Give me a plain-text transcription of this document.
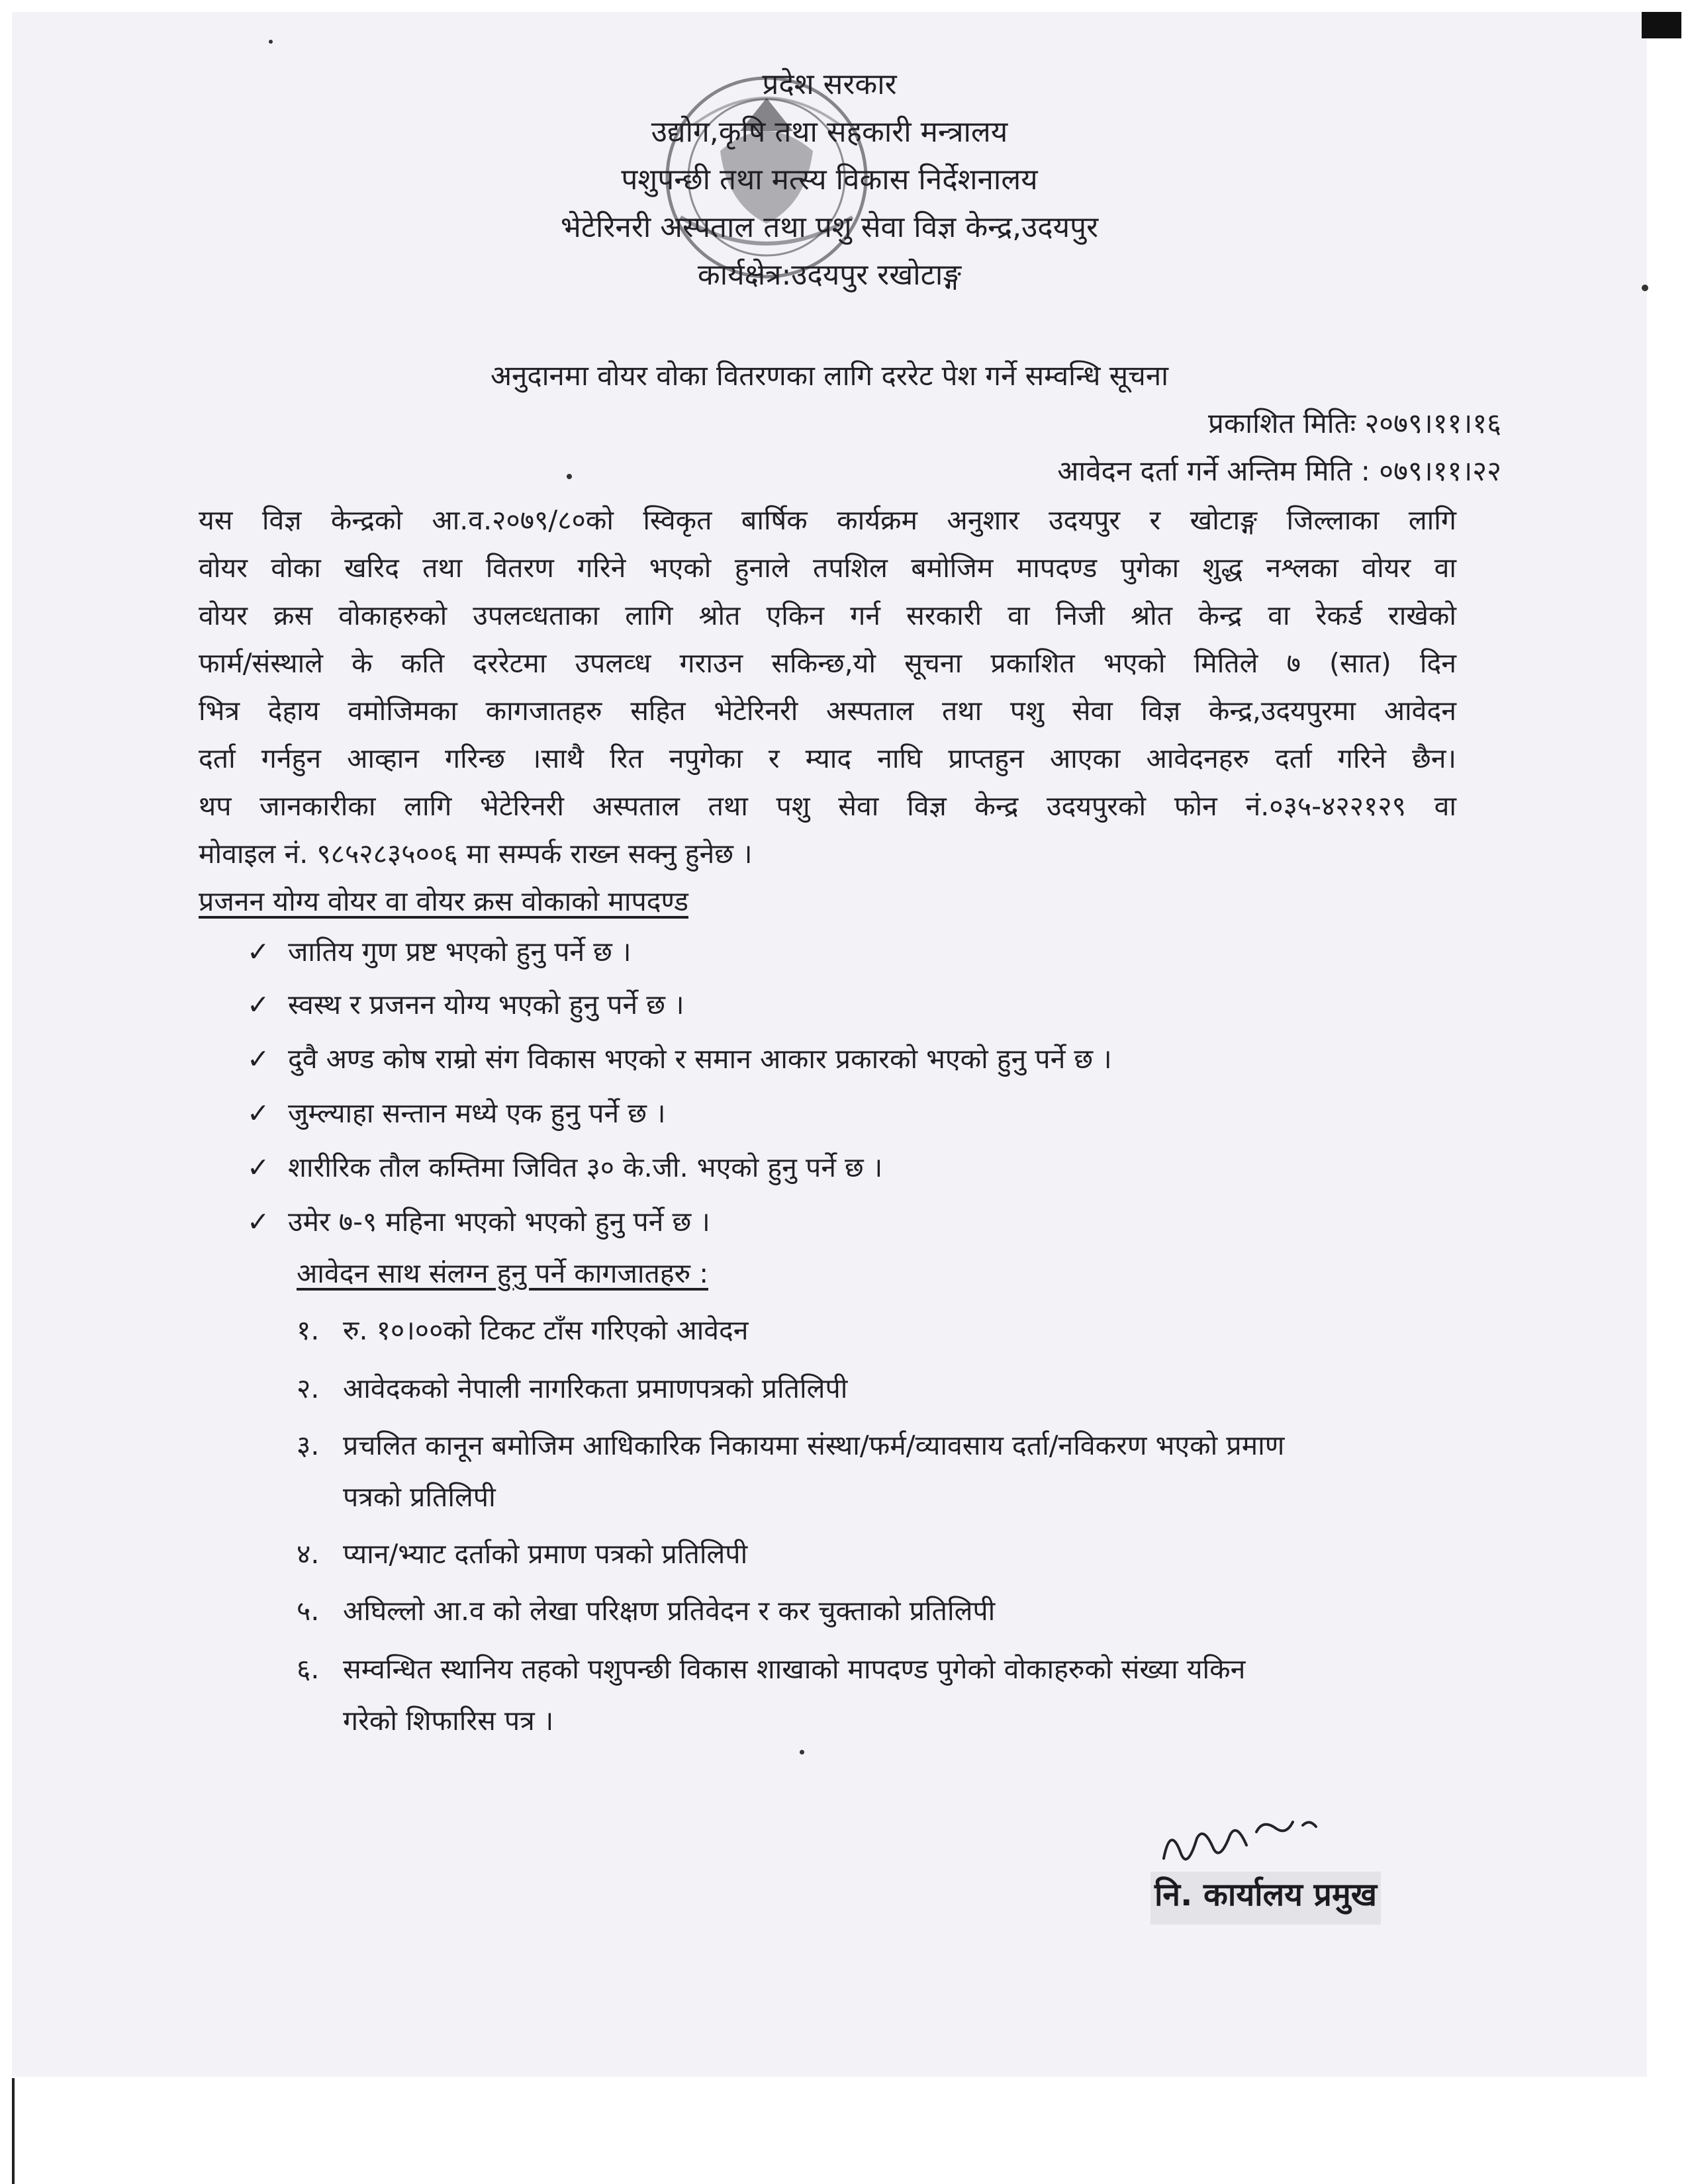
प्रदेश सरकार
उद्योग,कृषि तथा सहकारी मन्त्रालय
पशुपन्छी तथा मत्स्य विकास निर्देशनालय
भेटेरिनरी अस्पताल तथा पशु सेवा विज्ञ केन्द्र,उदयपुर
कार्यक्षेत्र:उदयपुर रखोटाङ्ग
अनुदानमा वोयर वोका वितरणका लागि दररेट पेश गर्ने सम्वन्धि सूचना
प्रकाशित मितिः २०७९।११।१६
आवेदन दर्ता गर्ने अन्तिम मिति : ०७९।११।२२
यस विज्ञ केन्द्रको आ.व.२०७९/८०को स्विकृत बार्षिक कार्यक्रम अनुशार उदयपुर र खोटाङ्ग जिल्लाका लागि
वोयर वोका खरिद तथा वितरण गरिने भएको हुनाले तपशिल बमोजिम मापदण्ड पुगेका शुद्ध नश्लका वोयर वा
वोयर क्रस वोकाहरुको उपलव्धताका लागि श्रोत एकिन गर्न सरकारी वा निजी श्रोत केन्द्र वा रेकर्ड राखेको
फार्म/संस्थाले के कति दररेटमा उपलव्ध गराउन सकिन्छ,यो सूचना प्रकाशित भएको मितिले ७ (सात) दिन
भित्र देहाय वमोजिमका कागजातहरु सहित भेटेरिनरी अस्पताल तथा पशु सेवा विज्ञ केन्द्र,उदयपुरमा आवेदन
दर्ता गर्नहुन आव्हान गरिन्छ ।साथै रित नपुगेका र म्याद नाघि प्राप्तहुन आएका आवेदनहरु दर्ता गरिने छैन।
थप जानकारीका लागि भेटेरिनरी अस्पताल तथा पशु सेवा विज्ञ केन्द्र उदयपुरको फोन नं.०३५-४२२१२९ वा
मोवाइल नं. ९८५२८३५००६ मा सम्पर्क राख्न सक्नु हुनेछ ।
प्रजनन योग्य वोयर वा वोयर क्रस वोकाको मापदण्ड
✓ जातिय गुण प्रष्ट भएको हुनु पर्ने छ ।
✓ स्वस्थ र प्रजनन योग्य भएको हुनु पर्ने छ ।
✓ दुवै अण्ड कोष राम्रो संग विकास भएको र समान आकार प्रकारको भएको हुनु पर्ने छ ।
✓ जुम्ल्याहा सन्तान मध्ये एक हुनु पर्ने छ ।
✓ शारीरिक तौल कम्तिमा जिवित ३० के.जी. भएको हुनु पर्ने छ ।
✓ उमेर ७-९ महिना भएको भएको हुनु पर्ने छ ।
आवेदन साथ संलग्न हुनु पर्ने कागजातहरु :
१. रु. १०।००को टिकट टाँस गरिएको आवेदन
२. आवेदकको नेपाली नागरिकता प्रमाणपत्रको प्रतिलिपी
३. प्रचलित कानून बमोजिम आधिकारिक निकायमा संस्था/फर्म/व्यावसाय दर्ता/नविकरण भएको प्रमाण
पत्रको प्रतिलिपी
४. प्यान/भ्याट दर्ताको प्रमाण पत्रको प्रतिलिपी
५. अघिल्लो आ.व को लेखा परिक्षण प्रतिवेदन र कर चुक्ताको प्रतिलिपी
६. सम्वन्धित स्थानिय तहको पशुपन्छी विकास शाखाको मापदण्ड पुगेको वोकाहरुको संख्या यकिन
गरेको शिफारिस पत्र ।
नि. कार्यालय प्रमुख
